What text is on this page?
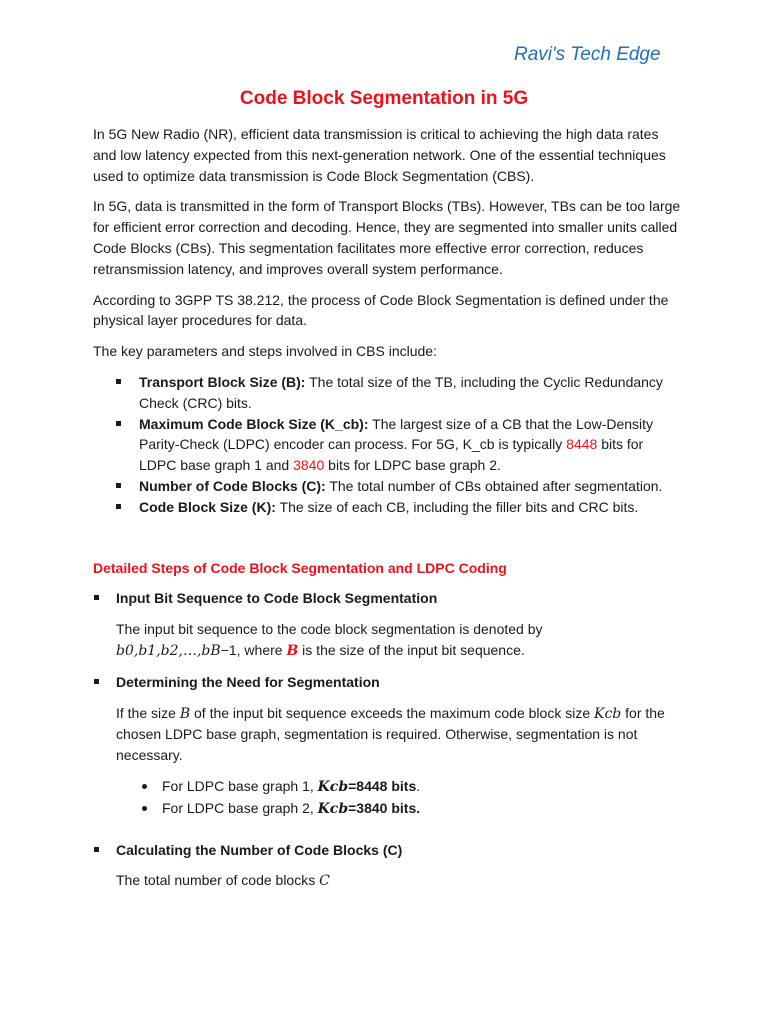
Ravi's Tech Edge
Code Block Segmentation in 5G

In 5G New Radio (NR), efficient data transmission is critical to achieving the high data rates and low latency expected from this next-generation network. One of the essential techniques used to optimize data transmission is Code Block Segmentation (CBS).

In 5G, data is transmitted in the form of Transport Blocks (TBs). However, TBs can be too large for efficient error correction and decoding. Hence, they are segmented into smaller units called Code Blocks (CBs). This segmentation facilitates more effective error correction, reduces retransmission latency, and improves overall system performance.

According to 3GPP TS 38.212, the process of Code Block Segmentation is defined under the physical layer procedures for data.

The key parameters and steps involved in CBS include:

Transport Block Size (B): The total size of the TB, including the Cyclic Redundancy Check (CRC) bits.
Maximum Code Block Size (K_cb): The largest size of a CB that the Low-Density Parity-Check (LDPC) encoder can process. For 5G, K_cb is typically 8448 bits for LDPC base graph 1 and 3840 bits for LDPC base graph 2.
Number of Code Blocks (C): The total number of CBs obtained after segmentation.
Code Block Size (K): The size of each CB, including the filler bits and CRC bits.
Detailed Steps of Code Block Segmentation and LDPC Coding
Input Bit Sequence to Code Block Segmentation

The input bit sequence to the code block segmentation is denoted by
b0,b1,b2,…,bB−1, where B is the size of the input bit sequence.

Determining the Need for Segmentation

If the size B of the input bit sequence exceeds the maximum code block size Kcb for the chosen LDPC base graph, segmentation is required. Otherwise, segmentation is not necessary.

For LDPC base graph 1, Kcb=8448 bits.
For LDPC base graph 2, Kcb=3840 bits.
Calculating the Number of Code Blocks (C)

The total number of code blocks C
